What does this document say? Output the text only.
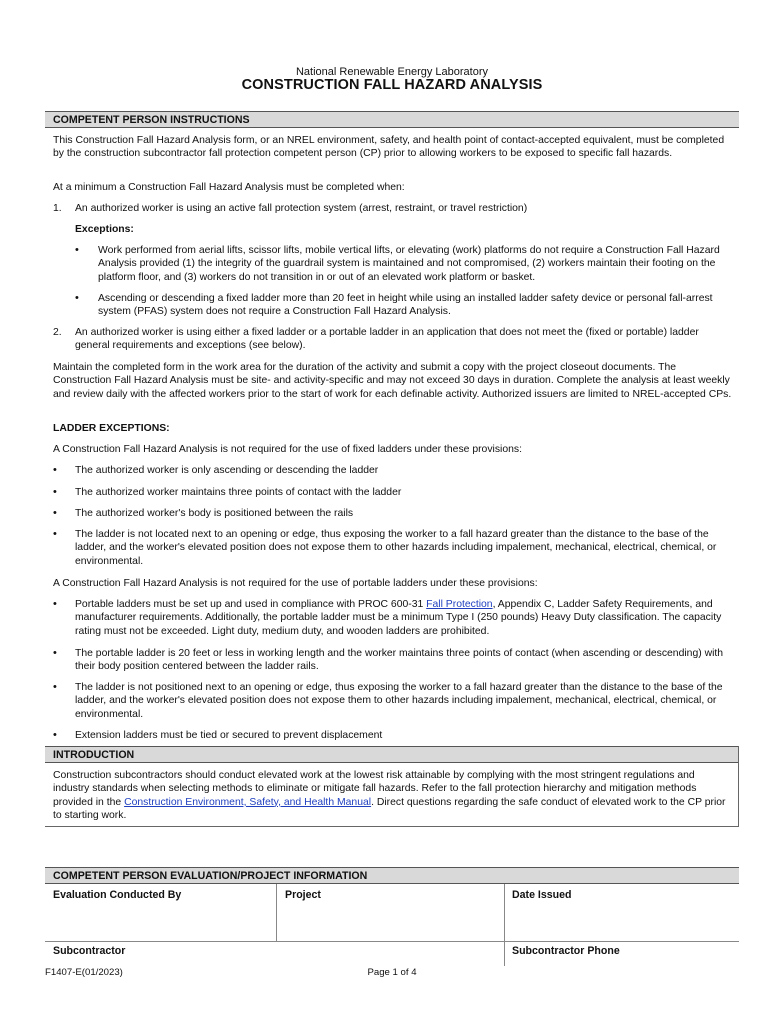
National Renewable Energy Laboratory
CONSTRUCTION FALL HAZARD ANALYSIS
COMPETENT PERSON INSTRUCTIONS
This Construction Fall Hazard Analysis form, or an NREL environment, safety, and health point of contact-accepted equivalent, must be completed by the construction subcontractor fall protection competent person (CP) prior to allowing workers to be exposed to specific fall hazards.
At a minimum a Construction Fall Hazard Analysis must be completed when:
1. An authorized worker is using an active fall protection system (arrest, restraint, or travel restriction)
Exceptions:
• Work performed from aerial lifts, scissor lifts, mobile vertical lifts, or elevating (work) platforms do not require a Construction Fall Hazard Analysis provided (1) the integrity of the guardrail system is maintained and not compromised, (2) workers maintain their footing on the platform floor, and (3) workers do not transition in or out of an elevated work platform or basket.
• Ascending or descending a fixed ladder more than 20 feet in height while using an installed ladder safety device or personal fall-arrest system (PFAS) system does not require a Construction Fall Hazard Analysis.
2. An authorized worker is using either a fixed ladder or a portable ladder in an application that does not meet the (fixed or portable) ladder general requirements and exceptions (see below).
Maintain the completed form in the work area for the duration of the activity and submit a copy with the project closeout documents. The Construction Fall Hazard Analysis must be site- and activity-specific and may not exceed 30 days in duration. Complete the analysis at least weekly and review daily with the affected workers prior to the start of work for each definable activity. Authorized issuers are limited to NREL-accepted CPs.
LADDER EXCEPTIONS:
A Construction Fall Hazard Analysis is not required for the use of fixed ladders under these provisions:
• The authorized worker is only ascending or descending the ladder
• The authorized worker maintains three points of contact with the ladder
• The authorized worker's body is positioned between the rails
• The ladder is not located next to an opening or edge, thus exposing the worker to a fall hazard greater than the distance to the base of the ladder, and the worker's elevated position does not expose them to other hazards including impalement, mechanical, electrical, chemical, or environmental.
A Construction Fall Hazard Analysis is not required for the use of portable ladders under these provisions:
• Portable ladders must be set up and used in compliance with PROC 600-31 Fall Protection, Appendix C, Ladder Safety Requirements, and manufacturer requirements. Additionally, the portable ladder must be a minimum Type I (250 pounds) Heavy Duty classification. The capacity rating must not be exceeded. Light duty, medium duty, and wooden ladders are prohibited.
• The portable ladder is 20 feet or less in working length and the worker maintains three points of contact (when ascending or descending) with their body position centered between the ladder rails.
• The ladder is not positioned next to an opening or edge, thus exposing the worker to a fall hazard greater than the distance to the base of the ladder, and the worker's elevated position does not expose them to other hazards including impalement, mechanical, electrical, chemical, or environmental.
• Extension ladders must be tied or secured to prevent displacement
INTRODUCTION
Construction subcontractors should conduct elevated work at the lowest risk attainable by complying with the most stringent regulations and industry standards when selecting methods to eliminate or mitigate fall hazards. Refer to the fall protection hierarchy and mitigation methods provided in the Construction Environment, Safety, and Health Manual. Direct questions regarding the safe conduct of elevated work to the CP prior to starting work.
COMPETENT PERSON EVALUATION/PROJECT INFORMATION
Evaluation Conducted By	Project	Date Issued
Subcontractor	Subcontractor Phone
F1407-E(01/2023)	Page 1 of 4
